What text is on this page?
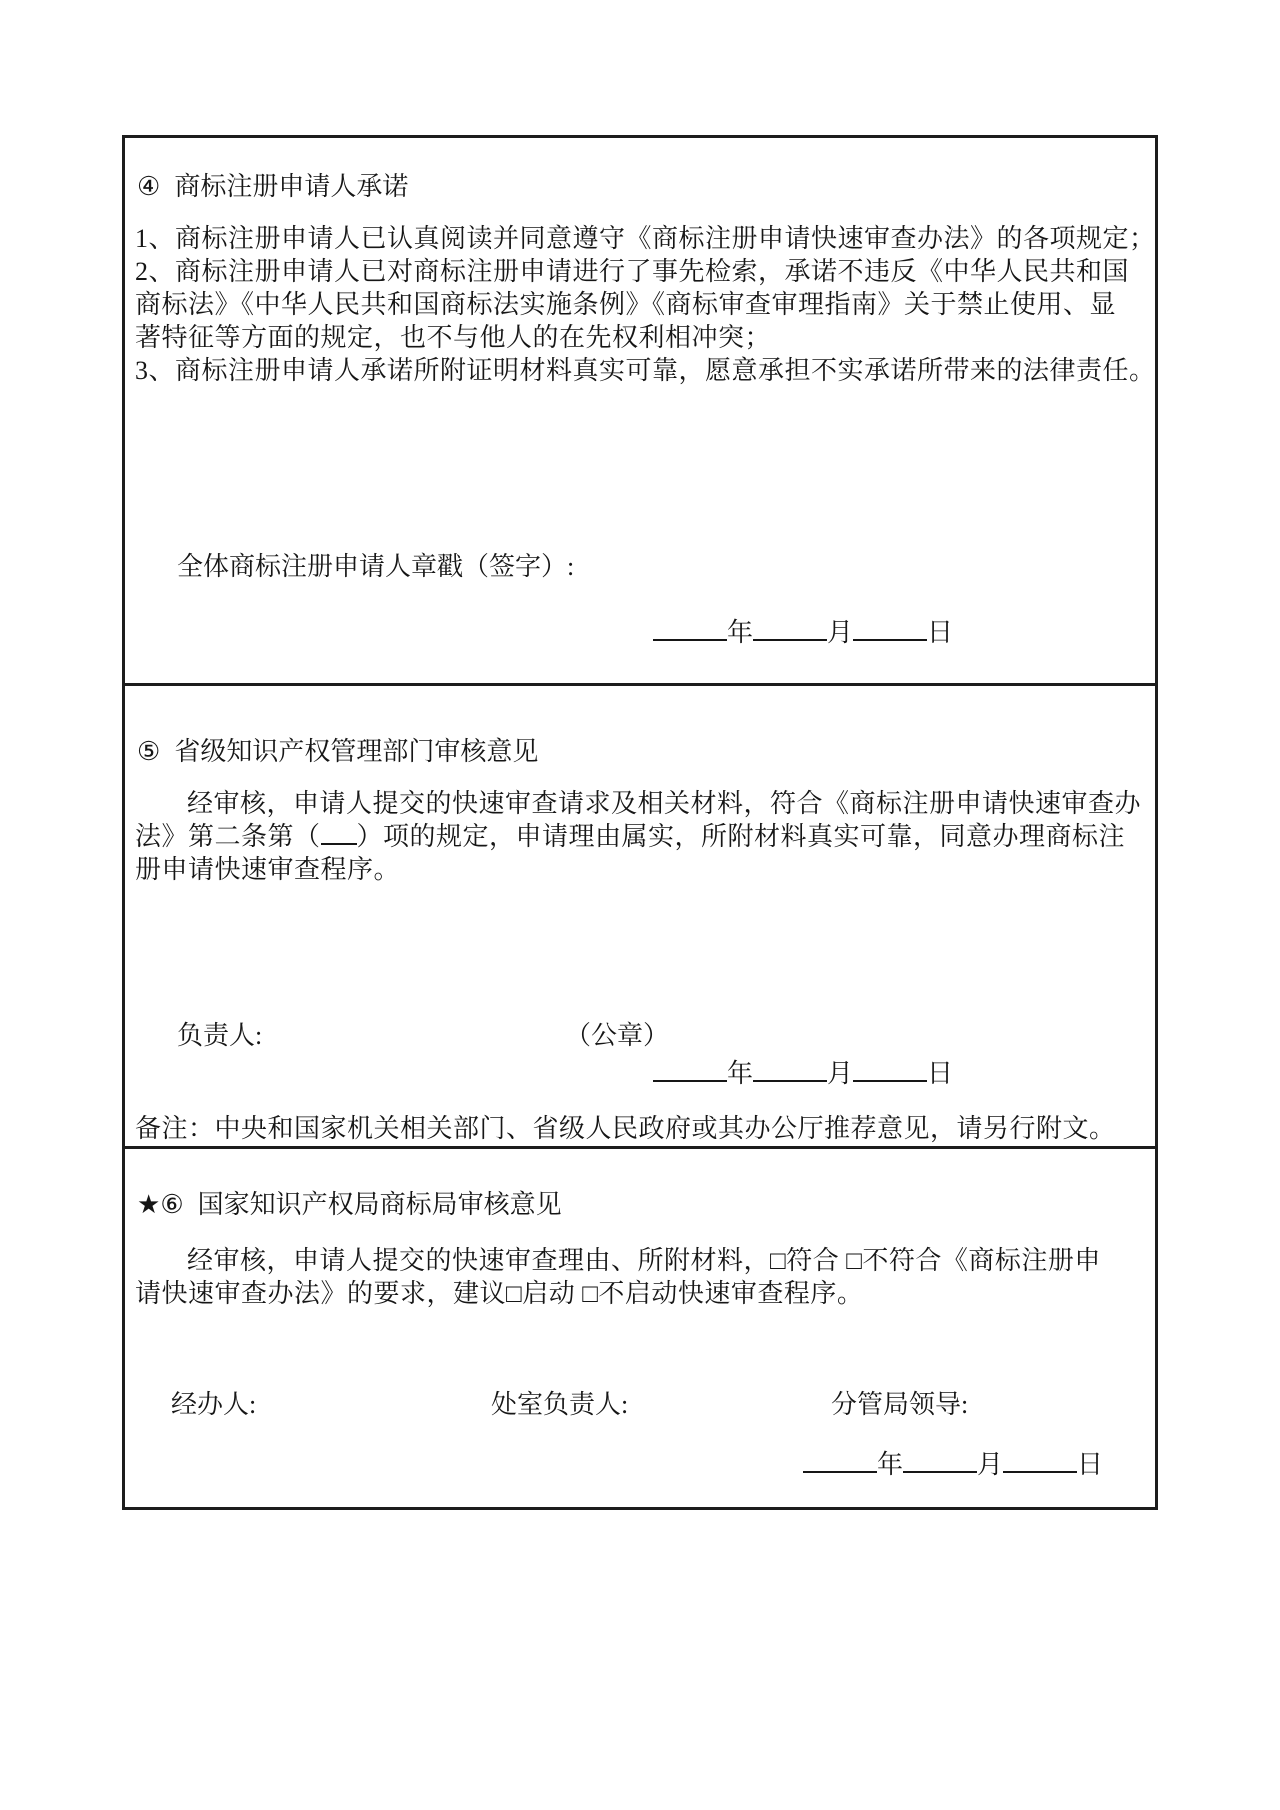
④ 商标注册申请人承诺
1、商标注册申请人已认真阅读并同意遵守《商标注册申请快速审查办法》的各项规定；
2、商标注册申请人已对商标注册申请进行了事先检索，承诺不违反《中华人民共和国
商标法》《中华人民共和国商标法实施条例》《商标审查审理指南》关于禁止使用、显
著特征等方面的规定，也不与他人的在先权利相冲突；
3、商标注册申请人承诺所附证明材料真实可靠，愿意承担不实承诺所带来的法律责任。
全体商标注册申请人章戳（签字）:
年	月	日
⑤ 省级知识产权管理部门审核意见
经审核，申请人提交的快速审查请求及相关材料，符合《商标注册申请快速审查办
法》第二条第（ ）项的规定，申请理由属实，所附材料真实可靠，同意办理商标注
册申请快速审查程序。
负责人:	（公章）
年	月	日
备注：中央和国家机关相关部门、省级人民政府或其办公厅推荐意见，请另行附文。
★⑥ 国家知识产权局商标局审核意见
经审核，申请人提交的快速审查理由、所附材料，□符合 □不符合《商标注册申
请快速审查办法》的要求，建议□启动 □不启动快速审查程序。
经办人:	处室负责人:	分管局领导:
年	月	日
